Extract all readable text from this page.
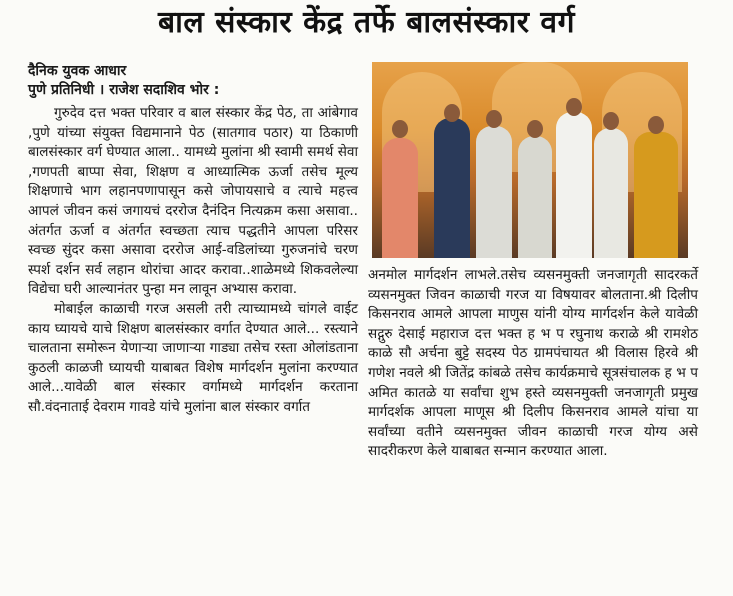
बाल संस्कार केंद्र तर्फे बालसंस्कार वर्ग
दैनिक युवक आधार
पुणे प्रतिनिधी । राजेश सदाशिव भोर :

गुरुदेव दत्त भक्त परिवार व बाल संस्कार केंद्र पेठ, ता आंबेगाव ,पुणे यांच्या संयुक्त विद्यमानाने पेठ (सातगाव पठार) या ठिकाणी बालसंस्कार वर्ग घेण्यात आला.. यामध्ये मुलांना श्री स्वामी समर्थ सेवा ,गणपती बाप्पा सेवा, शिक्षण व आध्यात्मिक ऊर्जा तसेच मूल्य शिक्षणाचे भाग लहानपणापासून कसे जोपायसाचे व त्याचे महत्त्व आपलं जीवन कसं जगायचं दररोज दैनंदिन नित्यक्रम कसा असावा.. अंतर्गत ऊर्जा व अंतर्गत स्वच्छता त्याच पद्धतीने आपला परिसर स्वच्छ सुंदर कसा असावा दररोज आई-वडिलांच्या गुरुजनांचे चरण स्पर्श दर्शन सर्व लहान थोरांचा आदर करावा..शाळेमध्ये शिकवलेल्या विद्येचा घरी आल्यानंतर पुन्हा मन लावून अभ्यास करावा.

मोबाईल काळाची गरज असली तरी त्याच्यामध्ये चांगले वाईट काय घ्यायचे याचे शिक्षण बालसंस्कार वर्गात देण्यात आले... रस्त्याने चालताना समोरून येणाऱ्या जाणाऱ्या गाड्या तसेच रस्ता ओलांडताना कुठली काळजी घ्यायची याबाबत विशेष मार्गदर्शन मुलांना करण्यात आले...यावेळी बाल संस्कार वर्गामध्ये मार्गदर्शन करताना सौ.वंदनाताई देवराम गावडे यांचे मुलांना बाल संस्कार वर्गात

अनमोल मार्गदर्शन लाभले.तसेच व्यसनमुक्ती जनजागृती सादरकर्ते व्यसनमुक्त जिवन काळाची गरज या विषयावर बोलताना.श्री दिलीप किसनराव आमले आपला माणुस यांनी योग्य मार्गदर्शन केले यावेळी सद्गुरु देसाई महाराज दत्त भक्त ह भ प रघुनाथ कराळे श्री रामशेठ काळे सौ अर्चना बुट्टे सदस्य पेठ ग्रामपंचायत श्री विलास हिरवे श्री गणेश नवले श्री जितेंद्र कांबळे तसेच कार्यक्रमाचे सूत्रसंचालक ह भ प अमित कातळे या सर्वांचा शुभ हस्ते व्यसनमुक्ती जनजागृती प्रमुख मार्गदर्शक आपला माणूस श्री दिलीप किसनराव आमले यांचा या सर्वांच्या वतीने व्यसनमुक्त जीवन काळाची गरज योग्य असे सादरीकरण केले याबाबत सन्मान करण्यात आला.
